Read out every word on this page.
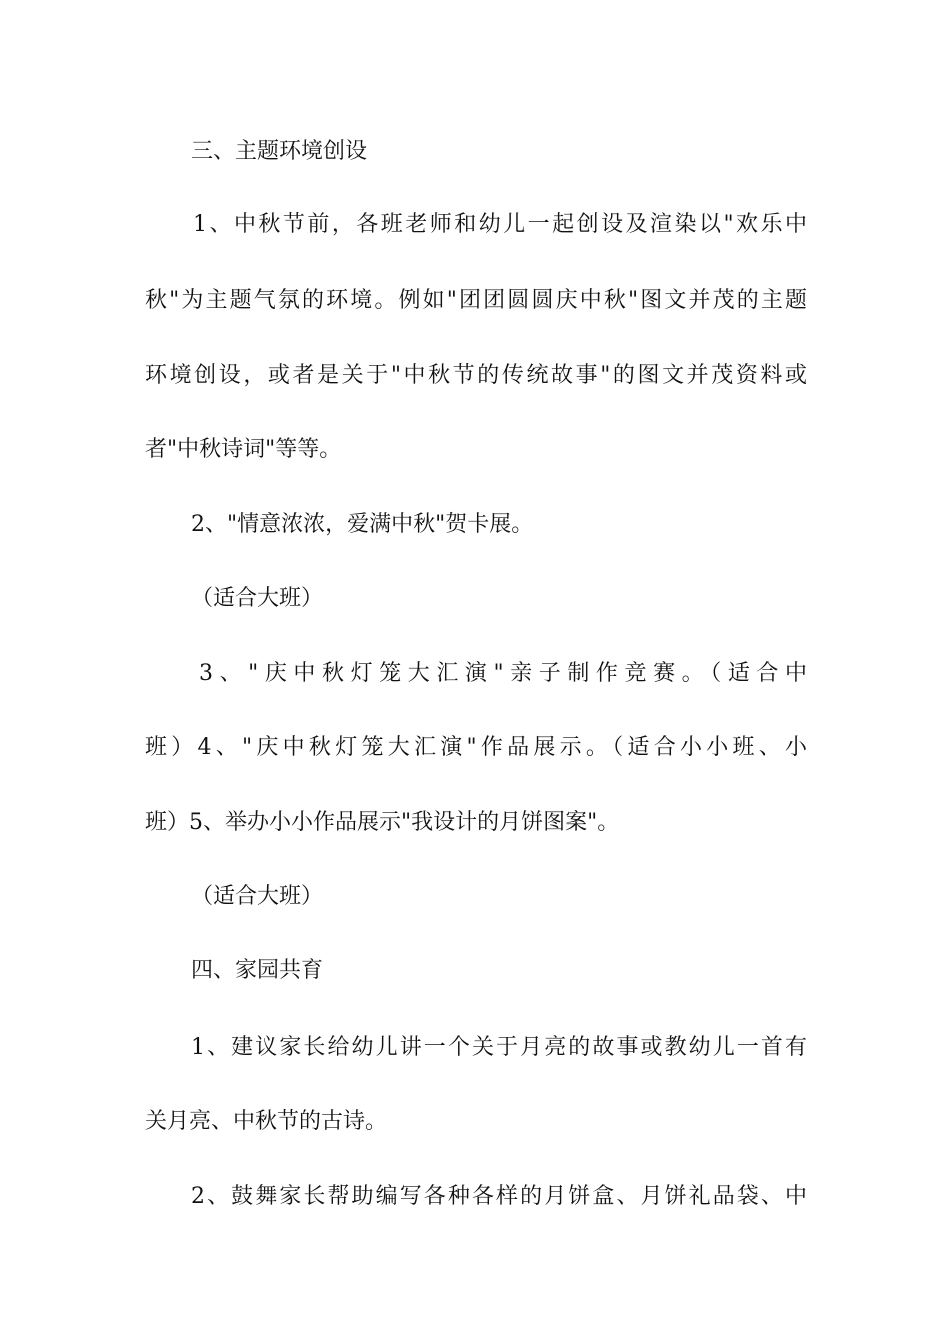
三、主题环境创设
1、中秋节前，各班老师和幼儿一起创设及渲染以"欢乐中
秋"为主题气氛的环境。例如"团团圆圆庆中秋"图文并茂的主题
环境创设，或者是关于"中秋节的传统故事"的图文并茂资料或
者"中秋诗词"等等。
2、"情意浓浓，爱满中秋"贺卡展。
（适合大班）
3、"庆中秋灯笼大汇演"亲子制作竞赛。（适合中
班）4、"庆中秋灯笼大汇演"作品展示。（适合小小班、小
班）5、举办小小作品展示"我设计的月饼图案"。
（适合大班）
四、家园共育
1、建议家长给幼儿讲一个关于月亮的故事或教幼儿一首有
关月亮、中秋节的古诗。
2、鼓舞家长帮助编写各种各样的月饼盒、月饼礼品袋、中
